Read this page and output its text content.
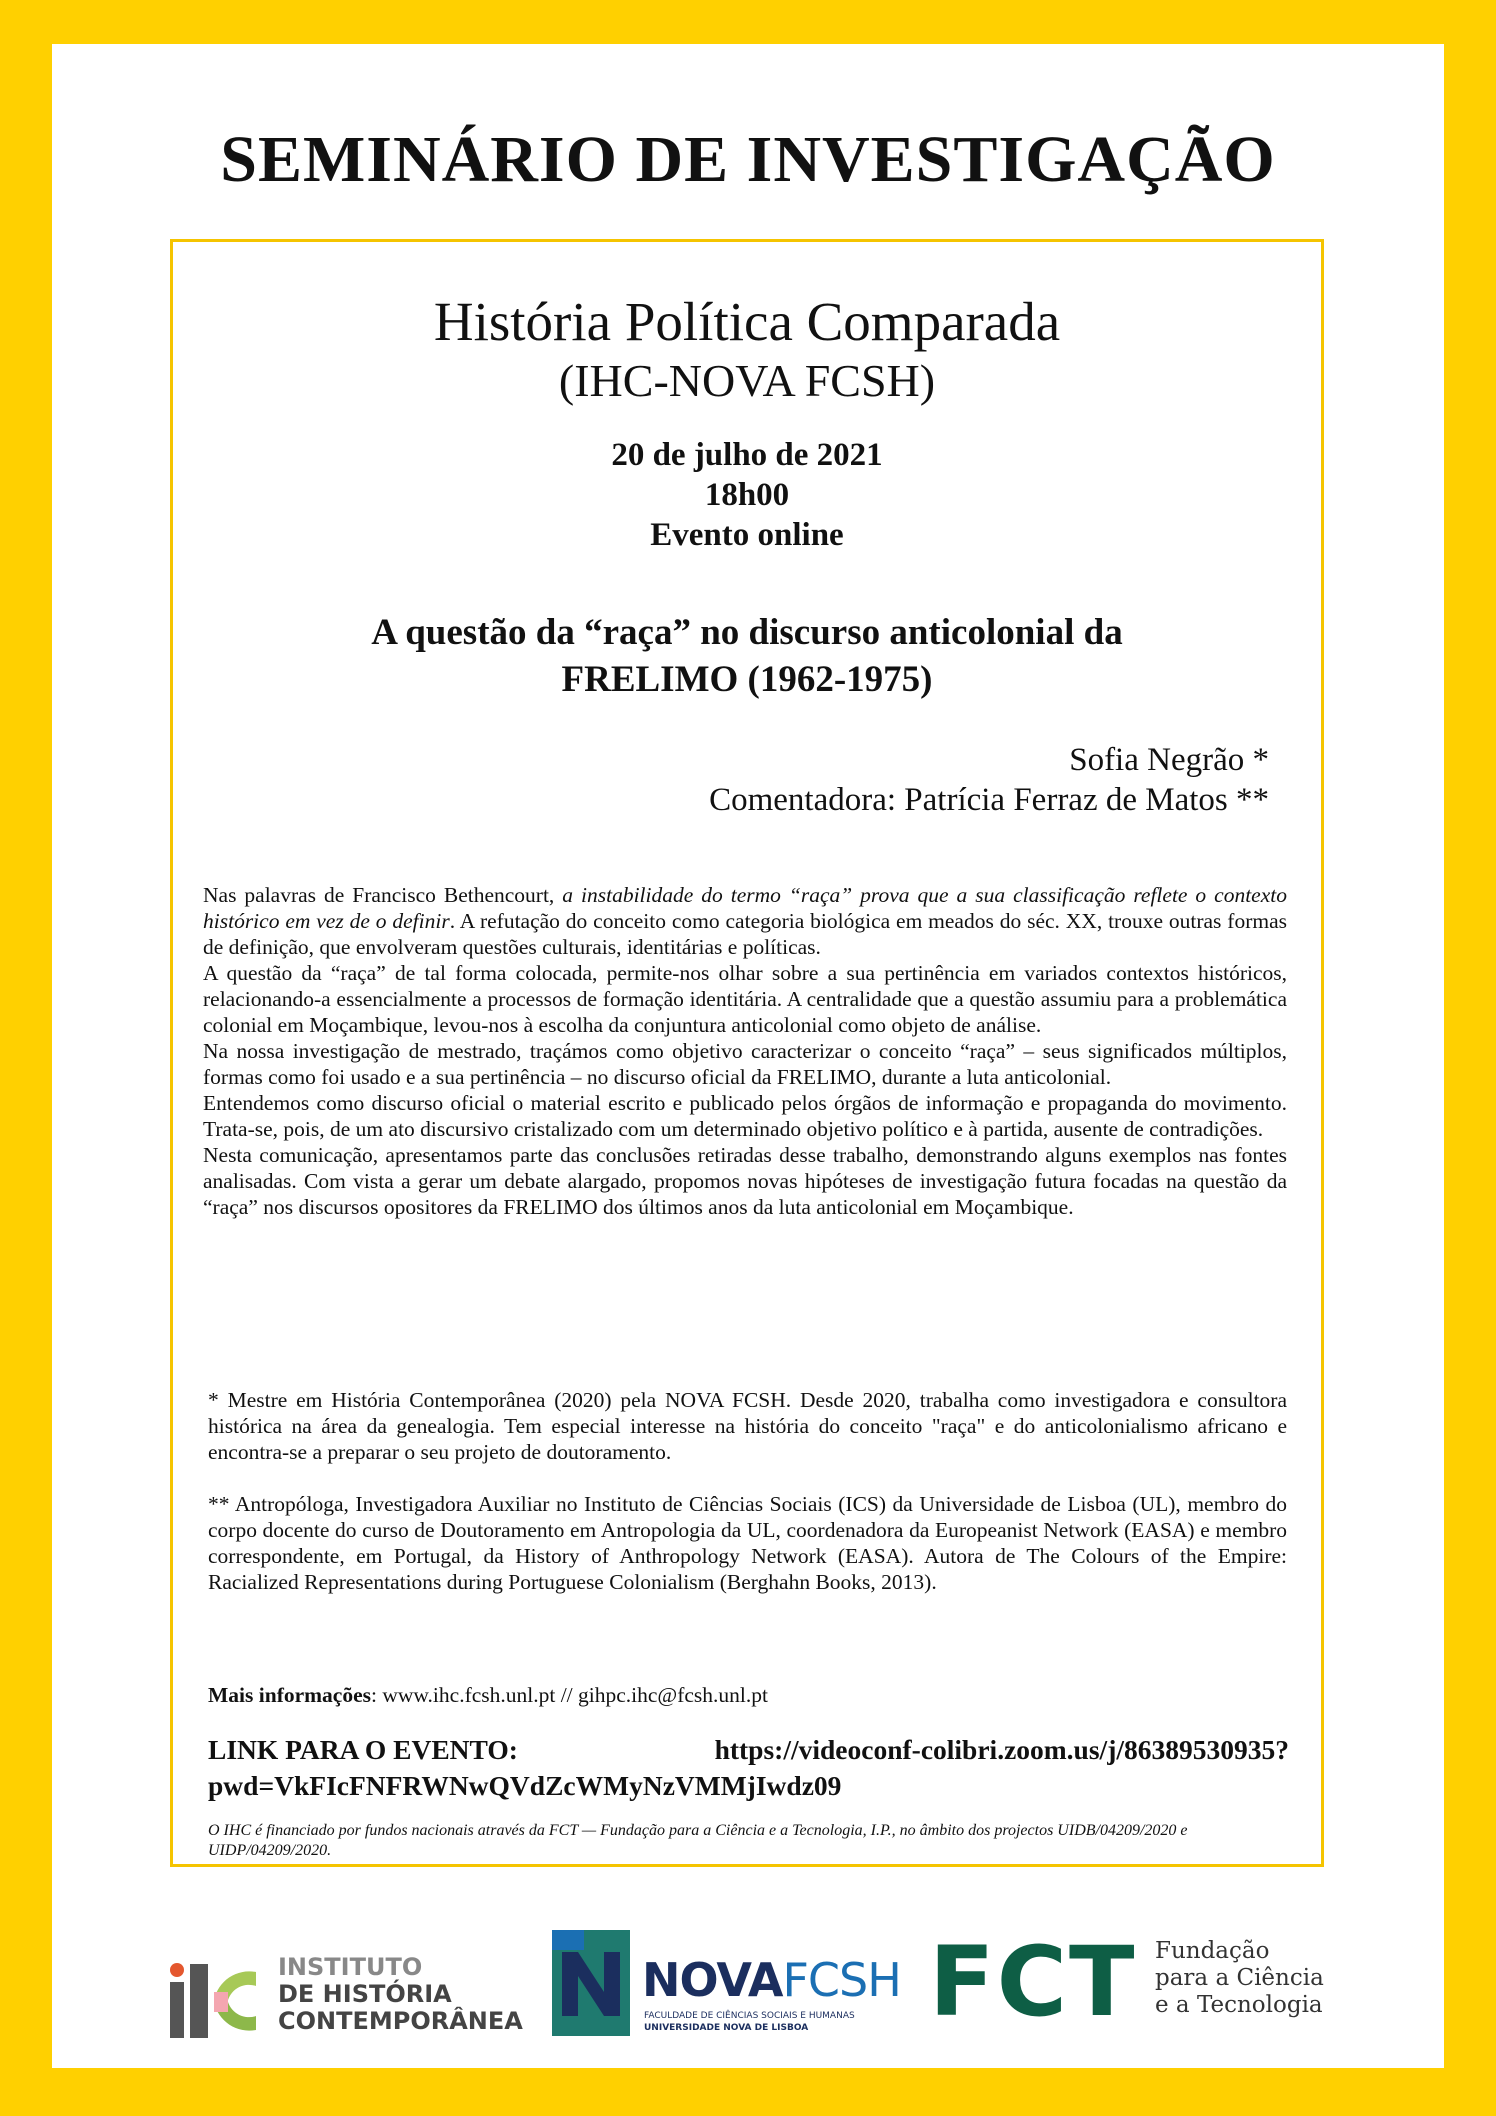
SEMINÁRIO DE INVESTIGAÇÃO
História Política Comparada
(IHC-NOVA FCSH)
20 de julho de 2021
18h00
Evento online
A questão da “raça” no discurso anticolonial da
FRELIMO (1962-1975)
Sofia Negrão *
Comentadora: Patrícia Ferraz de Matos **

Nas palavras de Francisco Bethencourt, a instabilidade do termo “raça” prova que a sua classificação reflete o contexto histórico em vez de o definir. A refutação do conceito como categoria biológica em meados do séc. XX, trouxe outras formas de definição, que envolveram questões culturais, identitárias e políticas.

A questão da “raça” de tal forma colocada, permite-nos olhar sobre a sua pertinência em variados contextos históricos, relacionando-a essencialmente a processos de formação identitária. A centralidade que a questão assumiu para a problemática colonial em Moçambique, levou-nos à escolha da conjuntura anticolonial como objeto de análise.

Na nossa investigação de mestrado, traçámos como objetivo caracterizar o conceito “raça” – seus significados múltiplos, formas como foi usado e a sua pertinência – no discurso oficial da FRELIMO, durante a luta anticolonial.

Entendemos como discurso oficial o material escrito e publicado pelos órgãos de informação e propaganda do movimento. Trata-se, pois, de um ato discursivo cristalizado com um determinado objetivo político e à partida, ausente de contradições.

Nesta comunicação, apresentamos parte das conclusões retiradas desse trabalho, demonstrando alguns exemplos nas fontes analisadas. Com vista a gerar um debate alargado, propomos novas hipóteses de investigação futura focadas na questão da “raça” nos discursos opositores da FRELIMO dos últimos anos da luta anticolonial em Moçambique.

* Mestre em História Contemporânea (2020) pela NOVA FCSH. Desde 2020, trabalha como investigadora e consultora histórica na área da genealogia. Tem especial interesse na história do conceito "raça" e do anticolonialismo africano e encontra-se a preparar o seu projeto de doutoramento.

** Antropóloga, Investigadora Auxiliar no Instituto de Ciências Sociais (ICS) da Universidade de Lisboa (UL), membro do corpo docente do curso de Doutoramento em Antropologia da UL, coordenadora da Europeanist Network (EASA) e membro correspondente, em Portugal, da History of Anthropology Network (EASA). Autora de The Colours of the Empire: Racialized Representations during Portuguese Colonialism (Berghahn Books, 2013).

Mais informações: www.ihc.fcsh.unl.pt // gihpc.ihc@fcsh.unl.pt
LINK PARA O EVENTO:	https://videoconf-colibri.zoom.us/j/86389530935?
pwd=VkFIcFNFRWNwQVdZcWMyNzVMMjIwdz09
O IHC é financiado por fundos nacionais através da FCT — Fundação para a Ciência e a Tecnologia, I.P., no âmbito dos projectos UIDB/04209/2020 e UIDP/04209/2020.
INSTITUTO
DE HISTÓRIA
CONTEMPORÂNEA
NOVAFCSH
FACULDADE DE CIÊNCIAS SOCIAIS E HUMANAS
UNIVERSIDADE NOVA DE LISBOA FCT Fundação
para a Ciência
e a Tecnologia
